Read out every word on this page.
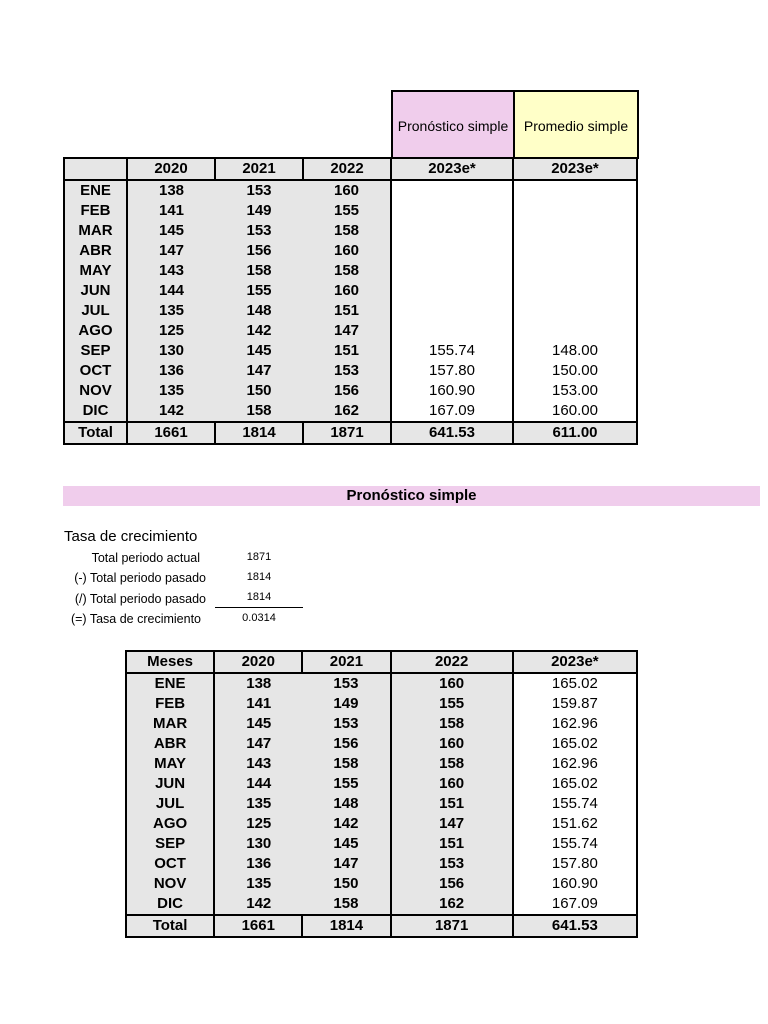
Pronóstico simple Promedio simple
	2020	2021	2022	2023e*	2023e*
ENE	138	153	160		
FEB	141	149	155		
MAR	145	153	158		
ABR	147	156	160		
MAY	143	158	158		
JUN	144	155	160		
JUL	135	148	151		
AGO	125	142	147		
SEP	130	145	151	155.74	148.00
OCT	136	147	153	157.80	150.00
NOV	135	150	156	160.90	153.00
DIC	142	158	162	167.09	160.00
Total	1661	1814	1871	641.53	611.00
Pronóstico simple
Tasa de crecimiento
Total periodo actual	1871
(-) Total periodo pasado	1814
(/) Total periodo pasado	1814
(=) Tasa de crecimiento	0.0314
Meses	2020	2021	2022	2023e*
ENE	138	153	160	165.02
FEB	141	149	155	159.87
MAR	145	153	158	162.96
ABR	147	156	160	165.02
MAY	143	158	158	162.96
JUN	144	155	160	165.02
JUL	135	148	151	155.74
AGO	125	142	147	151.62
SEP	130	145	151	155.74
OCT	136	147	153	157.80
NOV	135	150	156	160.90
DIC	142	158	162	167.09
Total	1661	1814	1871	641.53
